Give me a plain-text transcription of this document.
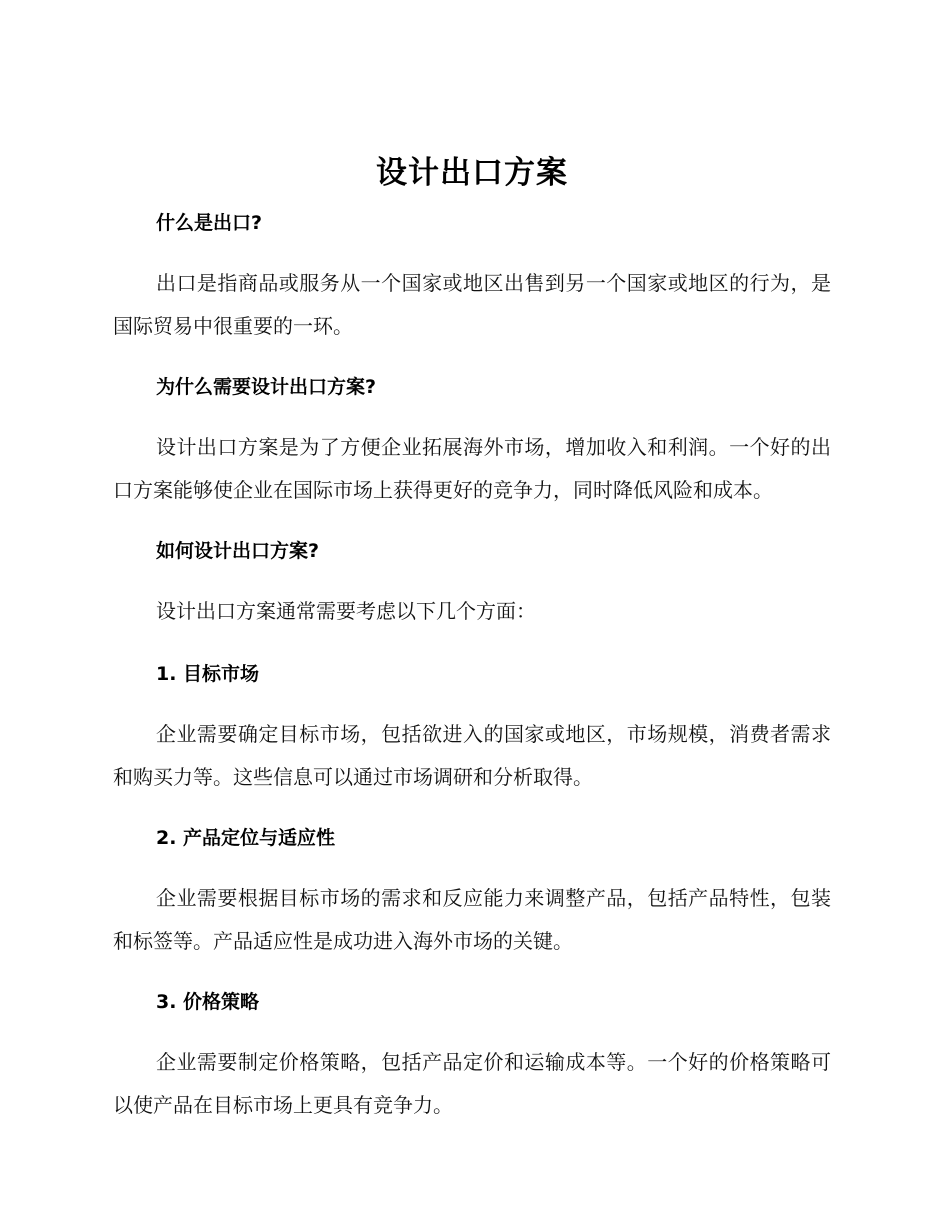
设计出口方案
什么是出口?

出口是指商品或服务从一个国家或地区出售到另一个国家或地区的行为，是国际贸易中很重要的一环。

为什么需要设计出口方案?

设计出口方案是为了方便企业拓展海外市场，增加收入和利润。一个好的出口方案能够使企业在国际市场上获得更好的竞争力，同时降低风险和成本。

如何设计出口方案?

设计出口方案通常需要考虑以下几个方面：

1. 目标市场

企业需要确定目标市场，包括欲进入的国家或地区，市场规模，消费者需求和购买力等。这些信息可以通过市场调研和分析取得。

2. 产品定位与适应性

企业需要根据目标市场的需求和反应能力来调整产品，包括产品特性，包装和标签等。产品适应性是成功进入海外市场的关键。

3. 价格策略

企业需要制定价格策略，包括产品定价和运输成本等。一个好的价格策略可以使产品在目标市场上更具有竞争力。
